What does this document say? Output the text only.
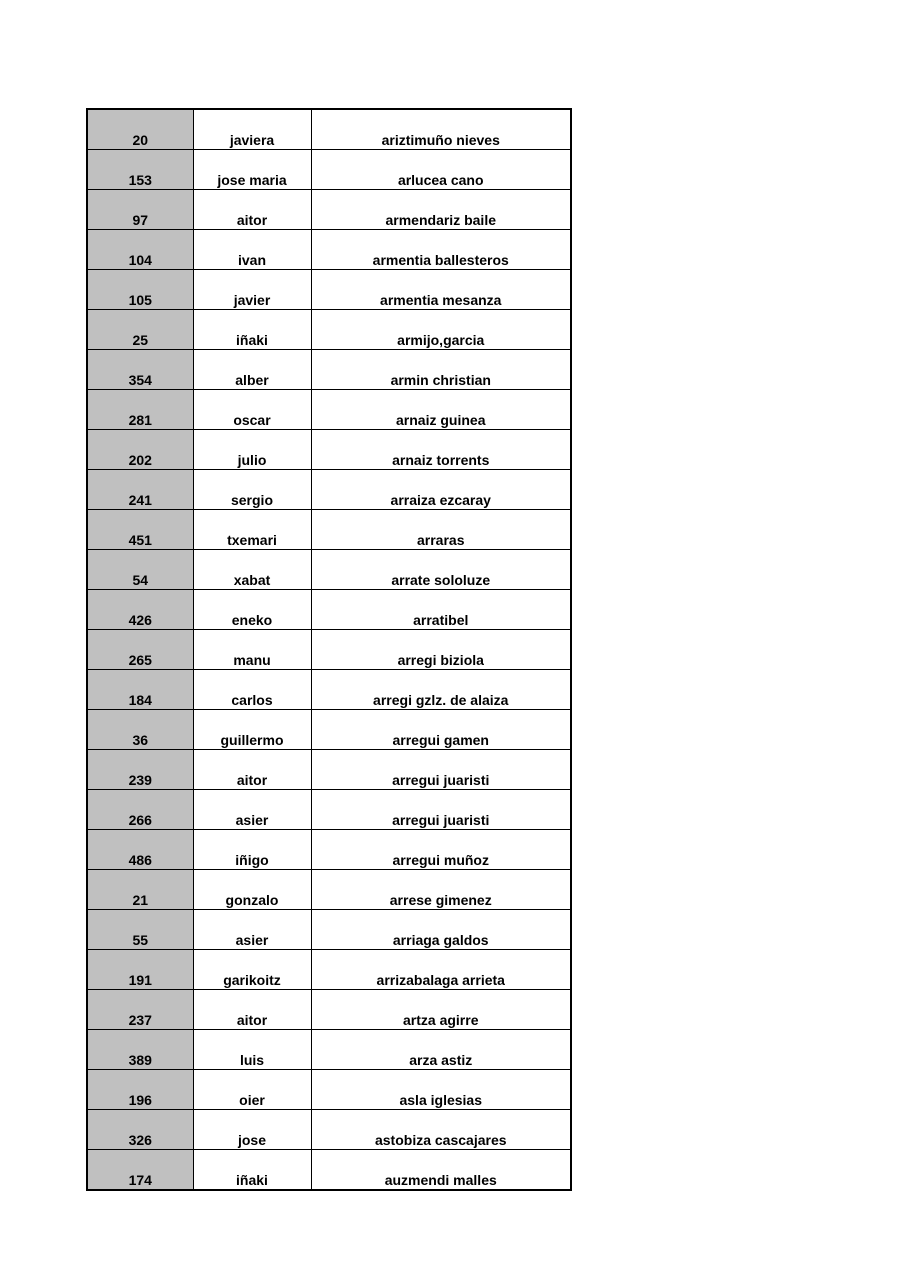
20	javiera	ariztimuño nieves
153	jose maria	arlucea cano
97	aitor	armendariz baile
104	ivan	armentia ballesteros
105	javier	armentia mesanza
25	iñaki	armijo,garcia
354	alber	armin christian
281	oscar	arnaiz guinea
202	julio	arnaiz torrents
241	sergio	arraiza ezcaray
451	txemari	arraras
54	xabat	arrate sololuze
426	eneko	arratibel
265	manu	arregi biziola
184	carlos	arregi gzlz. de alaiza
36	guillermo	arregui gamen
239	aitor	arregui juaristi
266	asier	arregui juaristi
486	iñigo	arregui muñoz
21	gonzalo	arrese gimenez
55	asier	arriaga galdos
191	garikoitz	arrizabalaga arrieta
237	aitor	artza agirre
389	luis	arza astiz
196	oier	asla iglesias
326	jose	astobiza cascajares
174	iñaki	auzmendi malles
